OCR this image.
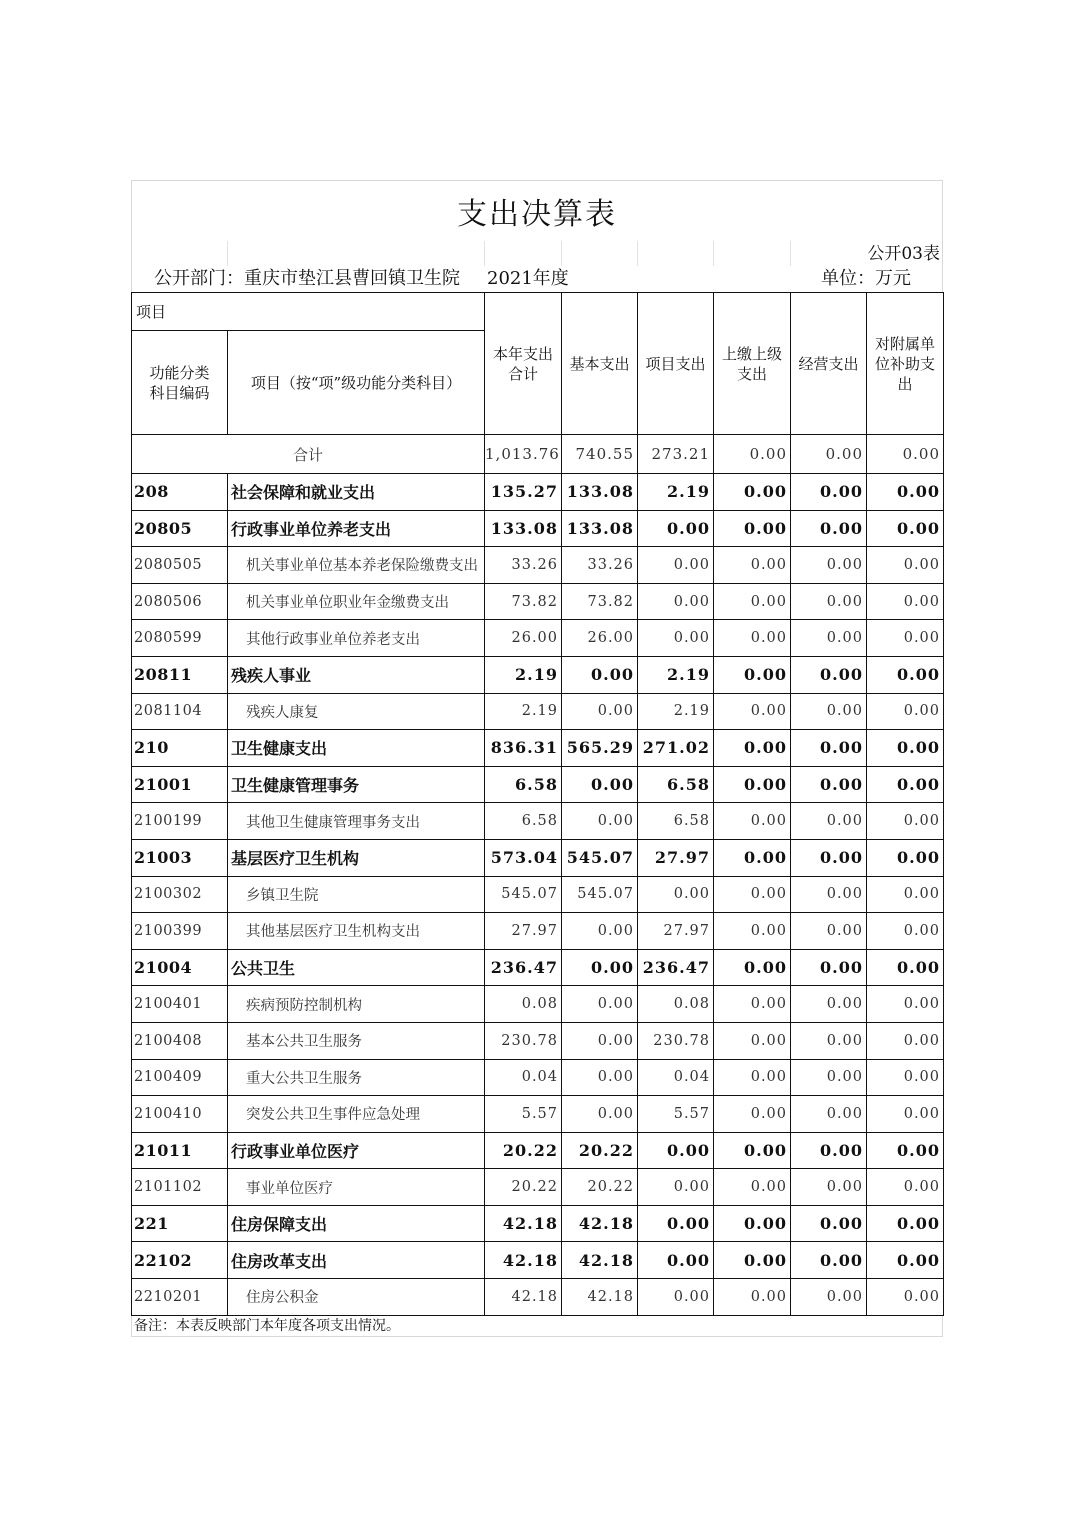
支出决算表
公开03表
公开部门：重庆市垫江县曹回镇卫生院	2021年度	单位：万元
项目		本年支出合计	基本支出	项目支出	上缴上级支出	经营支出	对附属单位补助支出

功能分类科目编码	项目（按“项”级功能分类科目）						
合计		1,013.76	740.55	273.21	0.00	0.00	0.00
208	社会保障和就业支出	135.27	133.08	2.19	0.00	0.00	0.00
20805	行政事业单位养老支出	133.08	133.08	0.00	0.00	0.00	0.00
2080505	机关事业单位基本养老保险缴费支出	33.26	33.26	0.00	0.00	0.00	0.00
2080506	机关事业单位职业年金缴费支出	73.82	73.82	0.00	0.00	0.00	0.00
2080599	其他行政事业单位养老支出	26.00	26.00	0.00	0.00	0.00	0.00
20811	残疾人事业	2.19	0.00	2.19	0.00	0.00	0.00
2081104	残疾人康复	2.19	0.00	2.19	0.00	0.00	0.00
210	卫生健康支出	836.31	565.29	271.02	0.00	0.00	0.00
21001	卫生健康管理事务	6.58	0.00	6.58	0.00	0.00	0.00
2100199	其他卫生健康管理事务支出	6.58	0.00	6.58	0.00	0.00	0.00
21003	基层医疗卫生机构	573.04	545.07	27.97	0.00	0.00	0.00
2100302	乡镇卫生院	545.07	545.07	0.00	0.00	0.00	0.00
2100399	其他基层医疗卫生机构支出	27.97	0.00	27.97	0.00	0.00	0.00
21004	公共卫生	236.47	0.00	236.47	0.00	0.00	0.00
2100401	疾病预防控制机构	0.08	0.00	0.08	0.00	0.00	0.00
2100408	基本公共卫生服务	230.78	0.00	230.78	0.00	0.00	0.00
2100409	重大公共卫生服务	0.04	0.00	0.04	0.00	0.00	0.00
2100410	突发公共卫生事件应急处理	5.57	0.00	5.57	0.00	0.00	0.00
21011	行政事业单位医疗	20.22	20.22	0.00	0.00	0.00	0.00
2101102	事业单位医疗	20.22	20.22	0.00	0.00	0.00	0.00
221	住房保障支出	42.18	42.18	0.00	0.00	0.00	0.00
22102	住房改革支出	42.18	42.18	0.00	0.00	0.00	0.00
2210201	住房公积金	42.18	42.18	0.00	0.00	0.00	0.00
备注：本表反映部门本年度各项支出情况。
